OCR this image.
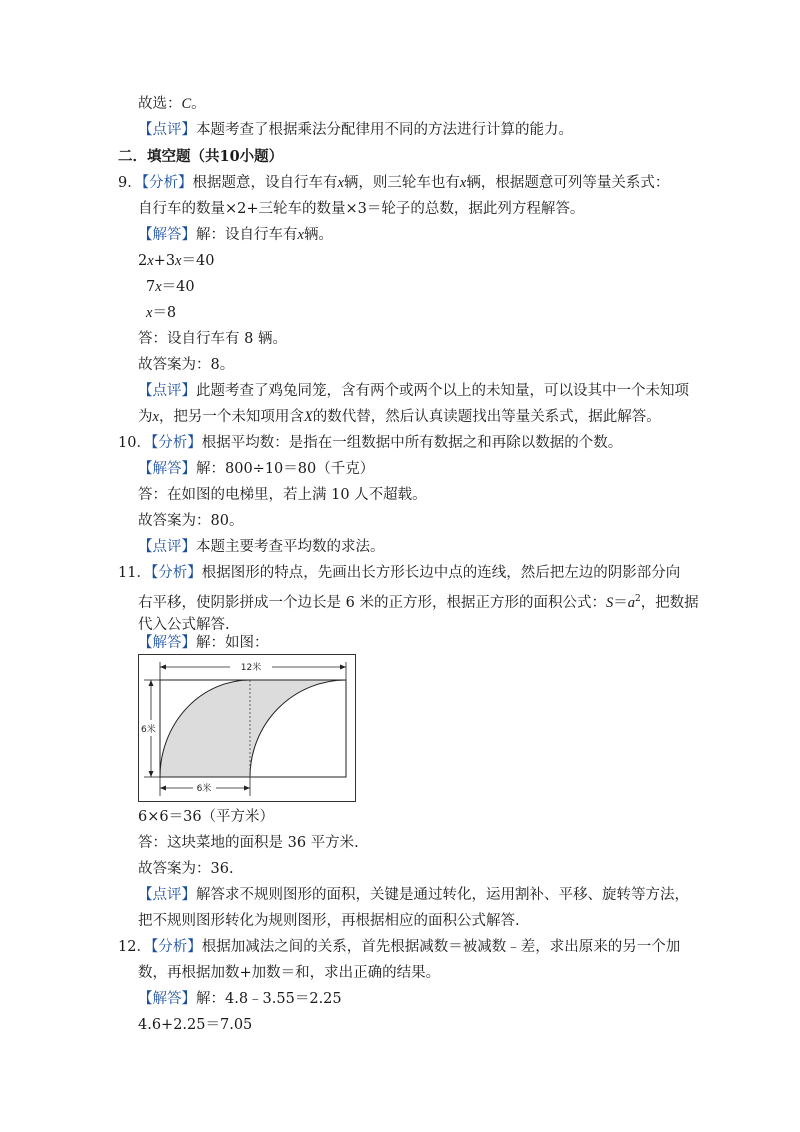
故选：C。
【点评】本题考查了根据乘法分配律用不同的方法进行计算的能力。
二．填空题（共10小题）
9．【分析】根据题意，设自行车有x辆，则三轮车也有x辆，根据题意可列等量关系式：
自行车的数量×2+三轮车的数量×3＝轮子的总数，据此列方程解答。
【解答】解：设自行车有x辆。
2x+3x＝40
7x＝40
x＝8
答：设自行车有 8 辆。
故答案为：8。
【点评】此题考查了鸡兔同笼，含有两个或两个以上的未知量，可以设其中一个未知项
为x，把另一个未知项用含X的数代替，然后认真读题找出等量关系式，据此解答。
10．【分析】根据平均数：是指在一组数据中所有数据之和再除以数据的个数。
【解答】解：800÷10＝80（千克）
答：在如图的电梯里，若上满 10 人不超载。
故答案为：80。
【点评】本题主要考查平均数的求法。
11．【分析】根据图形的特点，先画出长方形长边中点的连线，然后把左边的阴影部分向
右平移，使阴影拼成一个边长是 6 米的正方形，根据正方形的面积公式：$S=a^2$，把数据
代入公式解答.
【解答】解：如图：
12米
6米
6米
6×6＝36（平方米）
答：这块菜地的面积是 36 平方米.
故答案为：36.
【点评】解答求不规则图形的面积，关键是通过转化，运用割补、平移、旋转等方法，
把不规则图形转化为规则图形，再根据相应的面积公式解答.
12．【分析】根据加减法之间的关系，首先根据减数＝被减数﹣差，求出原来的另一个加
数，再根据加数+加数＝和，求出正确的结果。
【解答】解：4.8﹣3.55＝2.25
4.6+2.25＝7.05
